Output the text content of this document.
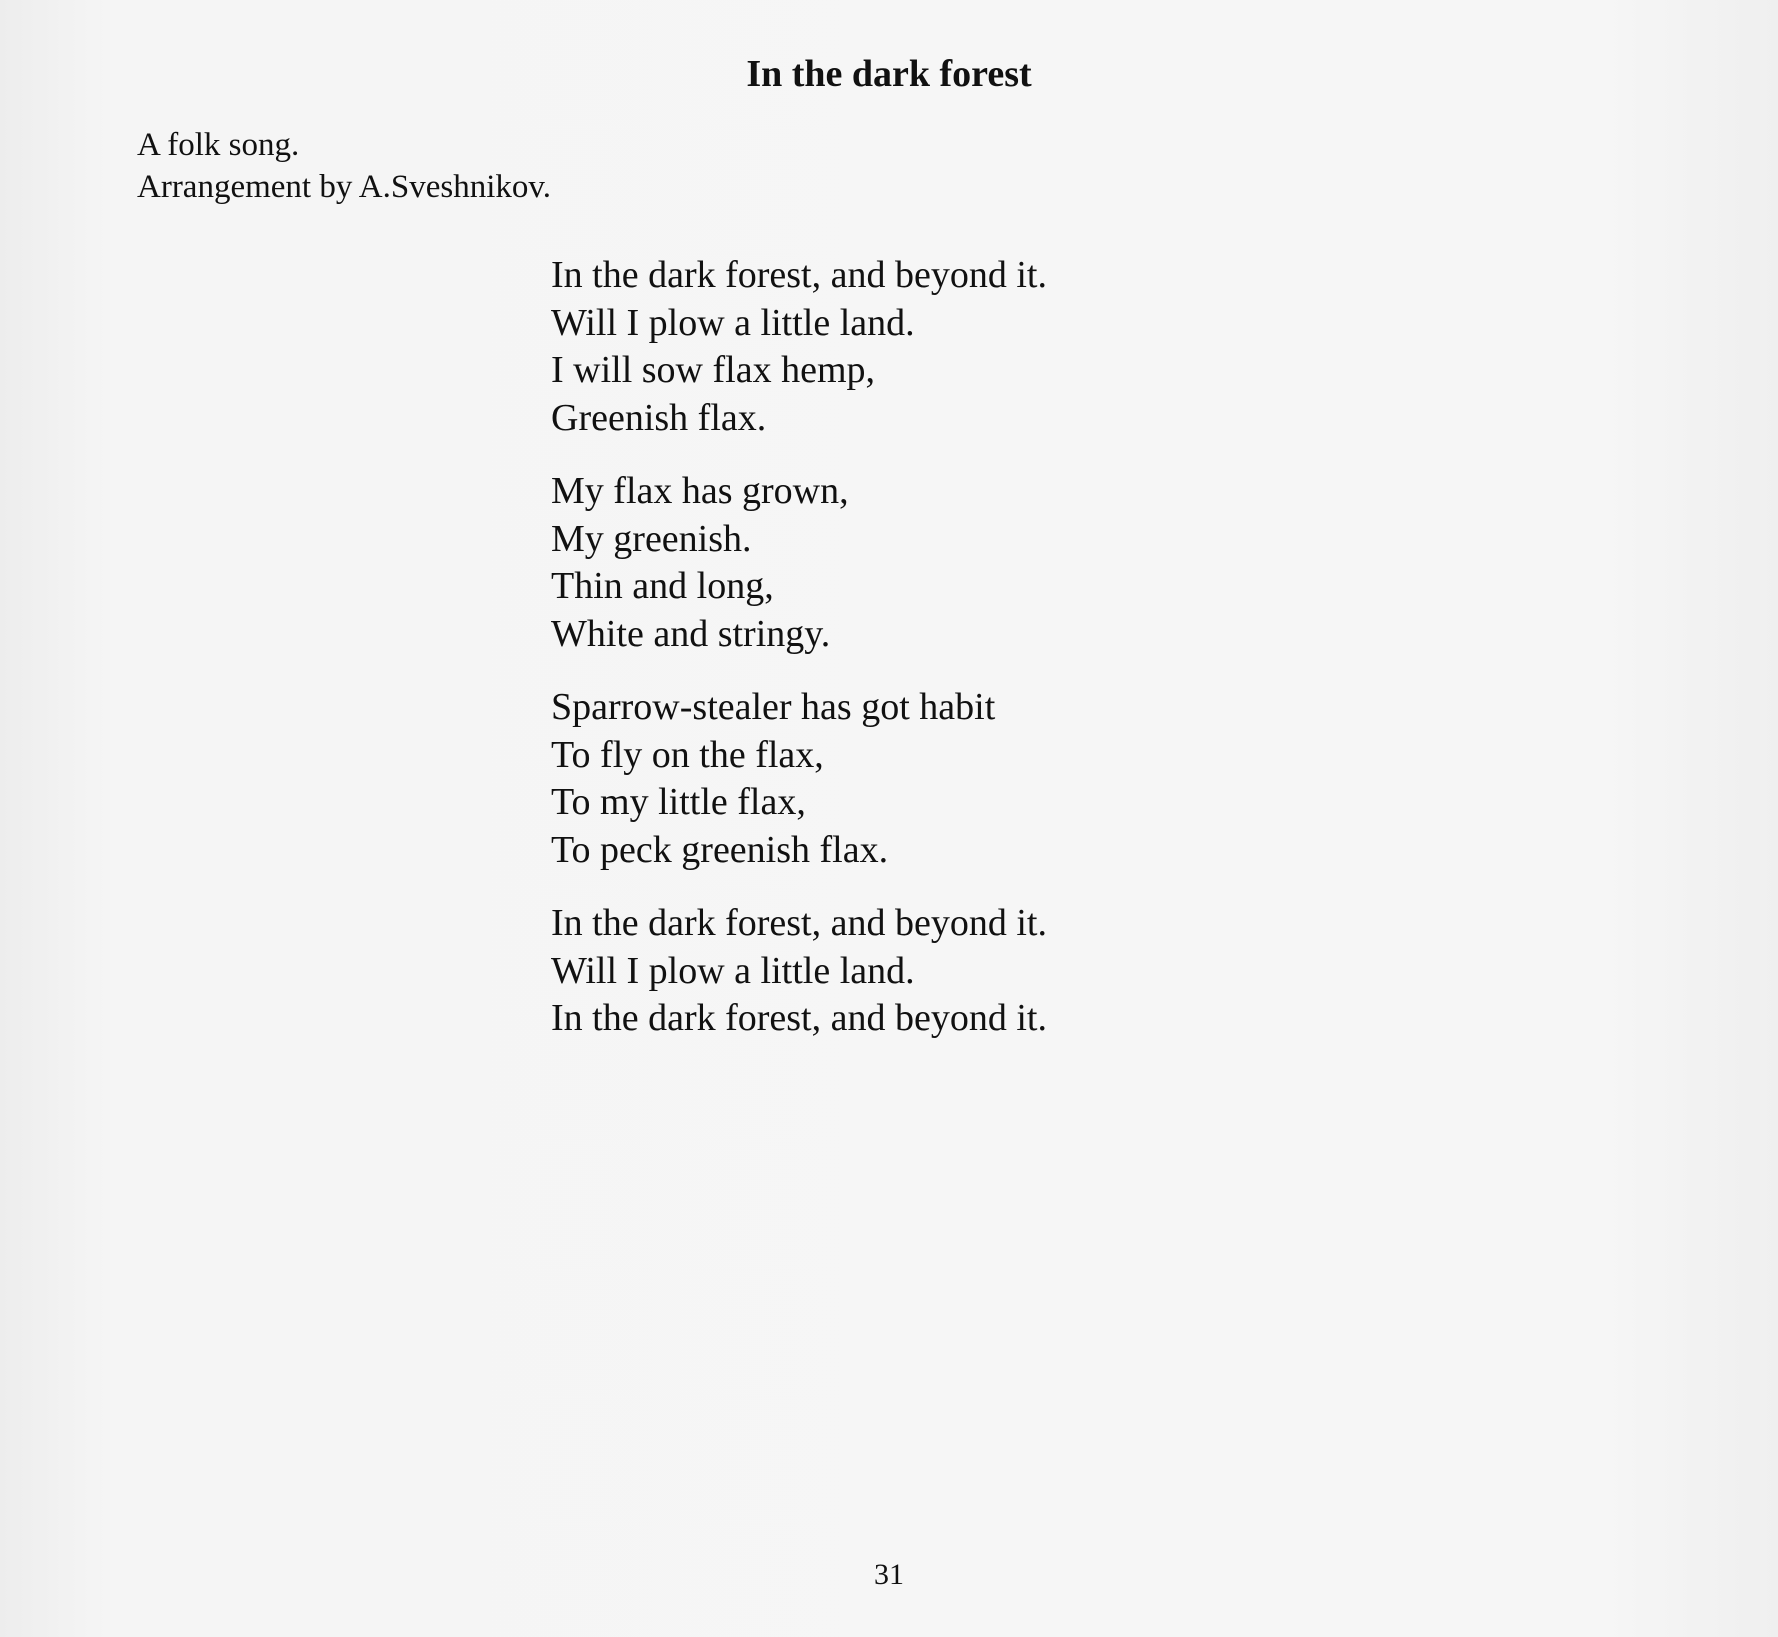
In the dark forest
A folk song.
Arrangement by A.Sveshnikov.
In the dark forest, and beyond it.
Will I plow a little land.
I will sow flax hemp,
Greenish flax.
My flax has grown,
My greenish.
Thin and long,
White and stringy.
Sparrow-stealer has got habit
To fly on the flax,
To my little flax,
To peck greenish flax.
In the dark forest, and beyond it.
Will I plow a little land.
In the dark forest, and beyond it.
31
